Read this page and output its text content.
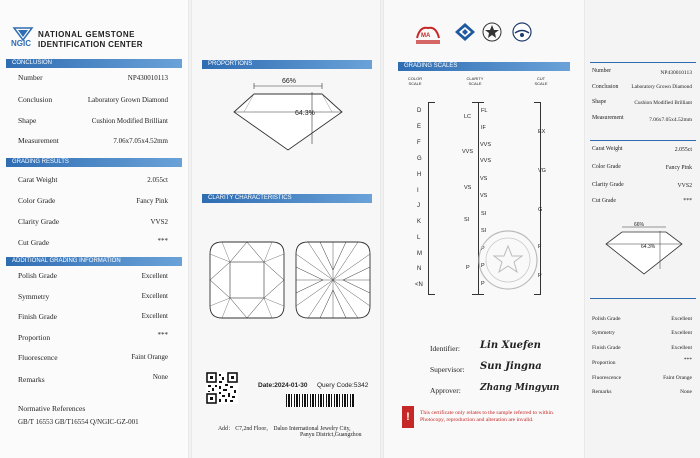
NGIC
NATIONAL GEMSTONE
IDENTIFICATION CENTER
CONCLUSION
Number	NP430010113
Conclusion	Laboratory Grown Diamond
Shape	Cushion Modified Brilliant
Measurement	7.06x7.05x4.52mm
GRADING RESULTS
Carat Weight	2.055ct
Color Grade	Fancy Pink
Clarity Grade	VVS2
Cut Grade	***
ADDITIONAL GRADING INFORMATION
Polish Grade	Excellent
Symmetry	Excellent
Finish Grade	Excellent
Proportion	***
Fluorescence	Faint Orange
Remarks	None
Normative References
GB/T 16553 GB/T16554 Q/NGIC-GZ-001
PROPORTIONS
66%
64.3%
CLARITY CHARACTERISTICS
Date:2024-01-30 Query Code:5342
Add： C7,2nd Floor， Daluo International Jewelry City,
Panyu District,Guangzhou
MA
GRADING SCALES
COLOR SCALE
CLARITY SCALE
CUT SCALE
D
E
F
G
H
I
J
K
L
M
N
<N
LC
VVS
VS
SI
P
FL
IF
VVS
VVS
VS
VS
SI
SI
P
P
P
EX
VG
G
F
P
Identifier: Lin Xuefen
Supervisor: Sun Jingna
Approver: Zhang Mingyun
!	This certificate only relates to the sample referred to within. Photocopy, reproduction and alteration are invalid.
Number	NP430010113
Conclusion Laboratory Grown Diamond
Shape	Cushion Modified Brilliant
Measurement	7.06x7.05x4.52mm
Carat Weight	2.055ct
Color Grade	Fancy Pink
Clarity Grade	VVS2
Cut Grade	***
66%
64.3%
Polish Grade	Excellent
Symmetry	Excellent
Finish Grade	Excellent
Proportion	***
Fluorescence	Faint Orange
Remarks	None
